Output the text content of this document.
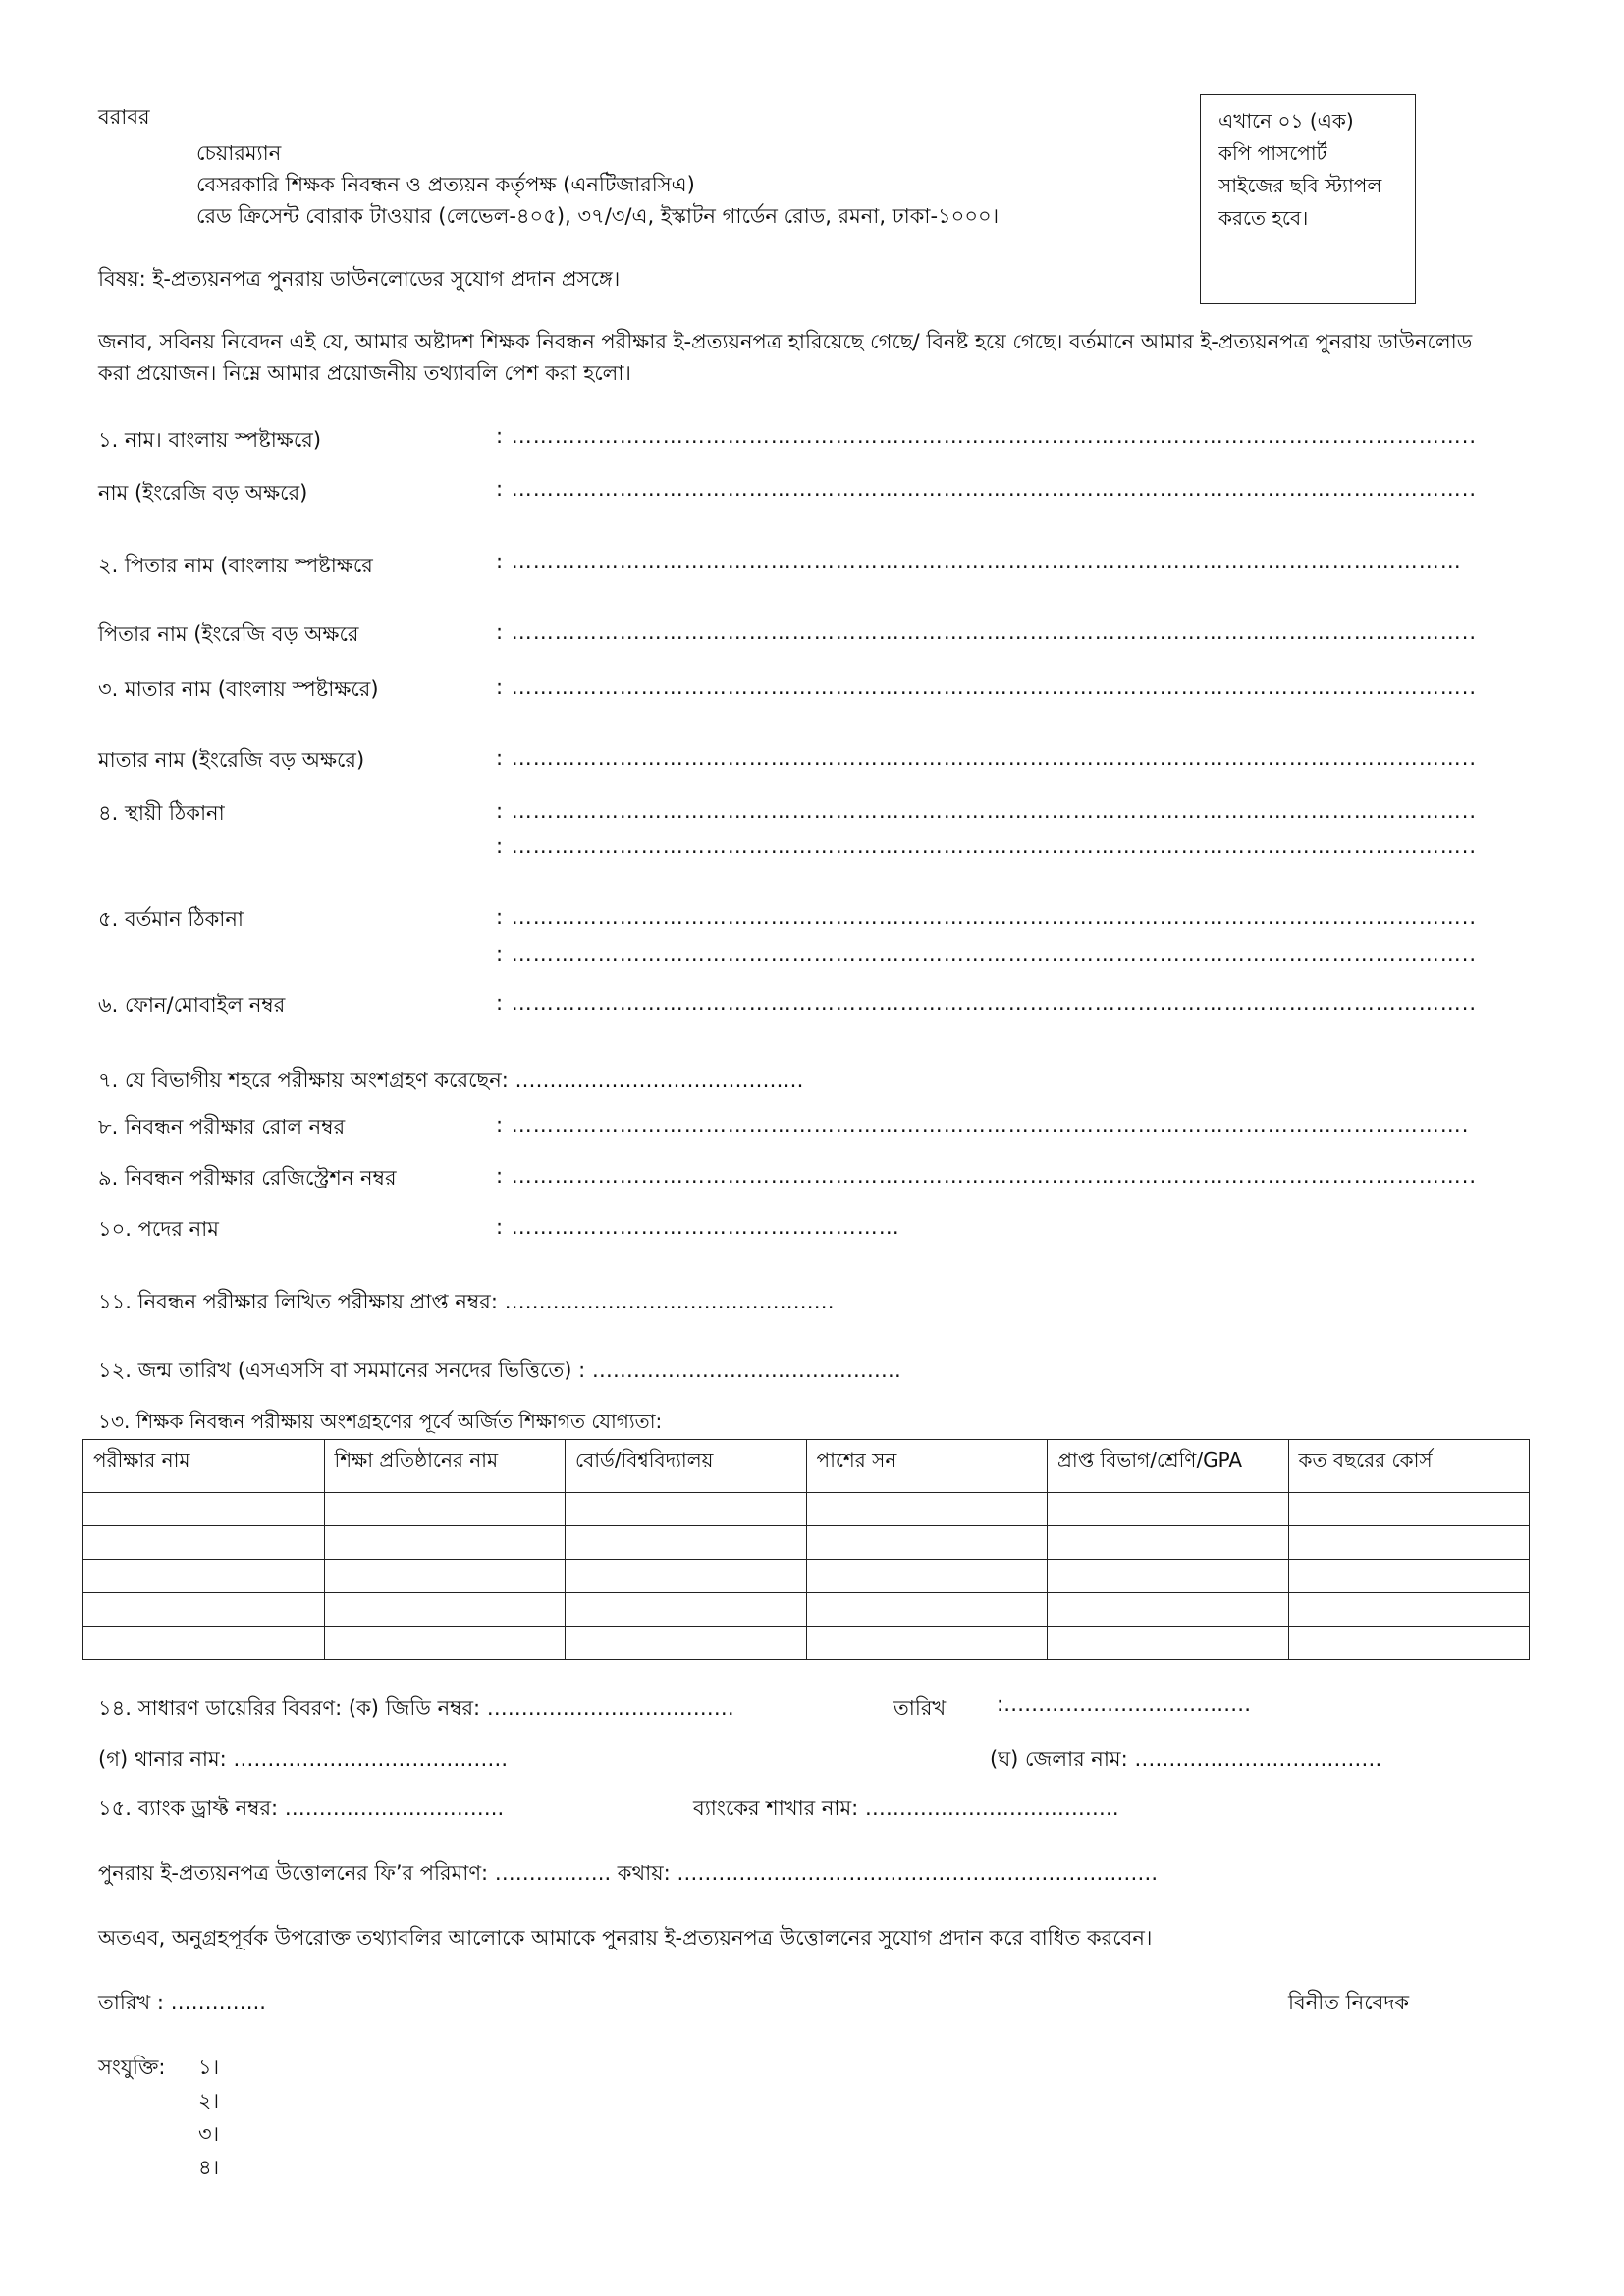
বরাবর
চেয়ারম্যান
বেসরকারি শিক্ষক নিবন্ধন ও প্রত্যয়ন কর্তৃপক্ষ (এনটিজারসিএ)
রেড ক্রিসেন্ট বোরাক টাওয়ার (লেভেল-৪০৫), ৩৭/৩/এ, ইস্কাটন গার্ডেন রোড, রমনা, ঢাকা-১০০০।
এখানে ০১ (এক)
কপি পাসপোর্ট
সাইজের ছবি স্ট্যাপল
করতে হবে।
বিষয়: ই-প্রত্যয়নপত্র পুনরায় ডাউনলোডের সুযোগ প্রদান প্রসঙ্গে।
জনাব, সবিনয় নিবেদন এই যে, আমার অষ্টাদশ শিক্ষক নিবন্ধন পরীক্ষার ই-প্রত্যয়নপত্র হারিয়েছে গেছে/ বিনষ্ট হয়ে গেছে। বর্তমানে আমার ই-প্রত্যয়নপত্র পুনরায় ডাউনলোড
করা প্রয়োজন। নিম্নে আমার প্রয়োজনীয় তথ্যাবলি পেশ করা হলো।
১. নাম। বাংলায় স্পষ্টাক্ষরে)	: ……………………………………………………………………………………………………………………..
নাম (ইংরেজি বড় অক্ষরে)	: ……………………………………………………………………………………………………………………..
২. পিতার নাম (বাংলায় স্পষ্টাক্ষরে	: ……………………………………………………………………………………………………………………
পিতার নাম (ইংরেজি বড় অক্ষরে	: ……………………………………………………………………………………………………………………..
৩. মাতার নাম (বাংলায় স্পষ্টাক্ষরে)	: ……………………………………………………………………………………………………………………..
মাতার নাম (ইংরেজি বড় অক্ষরে)	: ……………………………………………………………………………………………………………………..
৪. স্থায়ী ঠিকানা	: ……………………………………………………………………………………………………………………..
: ……………………………………………………………………………………………………………………..
৫. বর্তমান ঠিকানা	: ……………………………………………………………………………………………………………………..
: ……………………………………………………………………………………………………………………..
৬. ফোন/মোবাইল নম্বর	: ……………………………………………………………………………………………………………………..
৭. যে বিভাগীয় শহরে পরীক্ষায় অংশগ্রহণ করেছেন: ……………………………………
৮. নিবন্ধন পরীক্ষার রোল নম্বর	: …………………………………………………………………………………………………………………….
৯. নিবন্ধন পরীক্ষার রেজিস্ট্রেশন নম্বর	: ……………………………………………………………………………………………………………………..
১০. পদের নাম	: ………………………………………………
১১. নিবন্ধন পরীক্ষার লিখিত পরীক্ষায় প্রাপ্ত নম্বর: …………………………………………
১২. জন্ম তারিখ (এসএসসি বা সমমানের সনদের ভিত্তিতে) : ………………………………………
১৩. শিক্ষক নিবন্ধন পরীক্ষায় অংশগ্রহণের পূর্বে অর্জিত শিক্ষাগত যোগ্যতা:
পরীক্ষার নাম	শিক্ষা প্রতিষ্ঠানের নাম	বোর্ড/বিশ্ববিদ্যালয়	পাশের সন	প্রাপ্ত বিভাগ/শ্রেণি/GPA	কত বছরের কোর্স

১৪. সাধারণ ডায়েরির বিবরণ: (ক) জিডি নম্বর: ………………………………	তারিখ :………………………………
(গ) থানার নাম: ………………………………….	(ঘ) জেলার নাম: ………………………………
১৫. ব্যাংক ড্রাফ্ট নম্বর: …………………………..	ব্যাংকের শাখার নাম: ……………………………….
পুনরায় ই-প্রত্যয়নপত্র উত্তোলনের ফি’র পরিমাণ: …………….. কথায়: …………………………………………………………….
অতএব, অনুগ্রহপূর্বক উপরোক্ত তথ্যাবলির আলোকে আমাকে পুনরায় ই-প্রত্যয়নপত্র উত্তোলনের সুযোগ প্রদান করে বাধিত করবেন।
তারিখ : …………..	বিনীত নিবেদক
সংযুক্তি: ১।
২।
৩।
৪।
